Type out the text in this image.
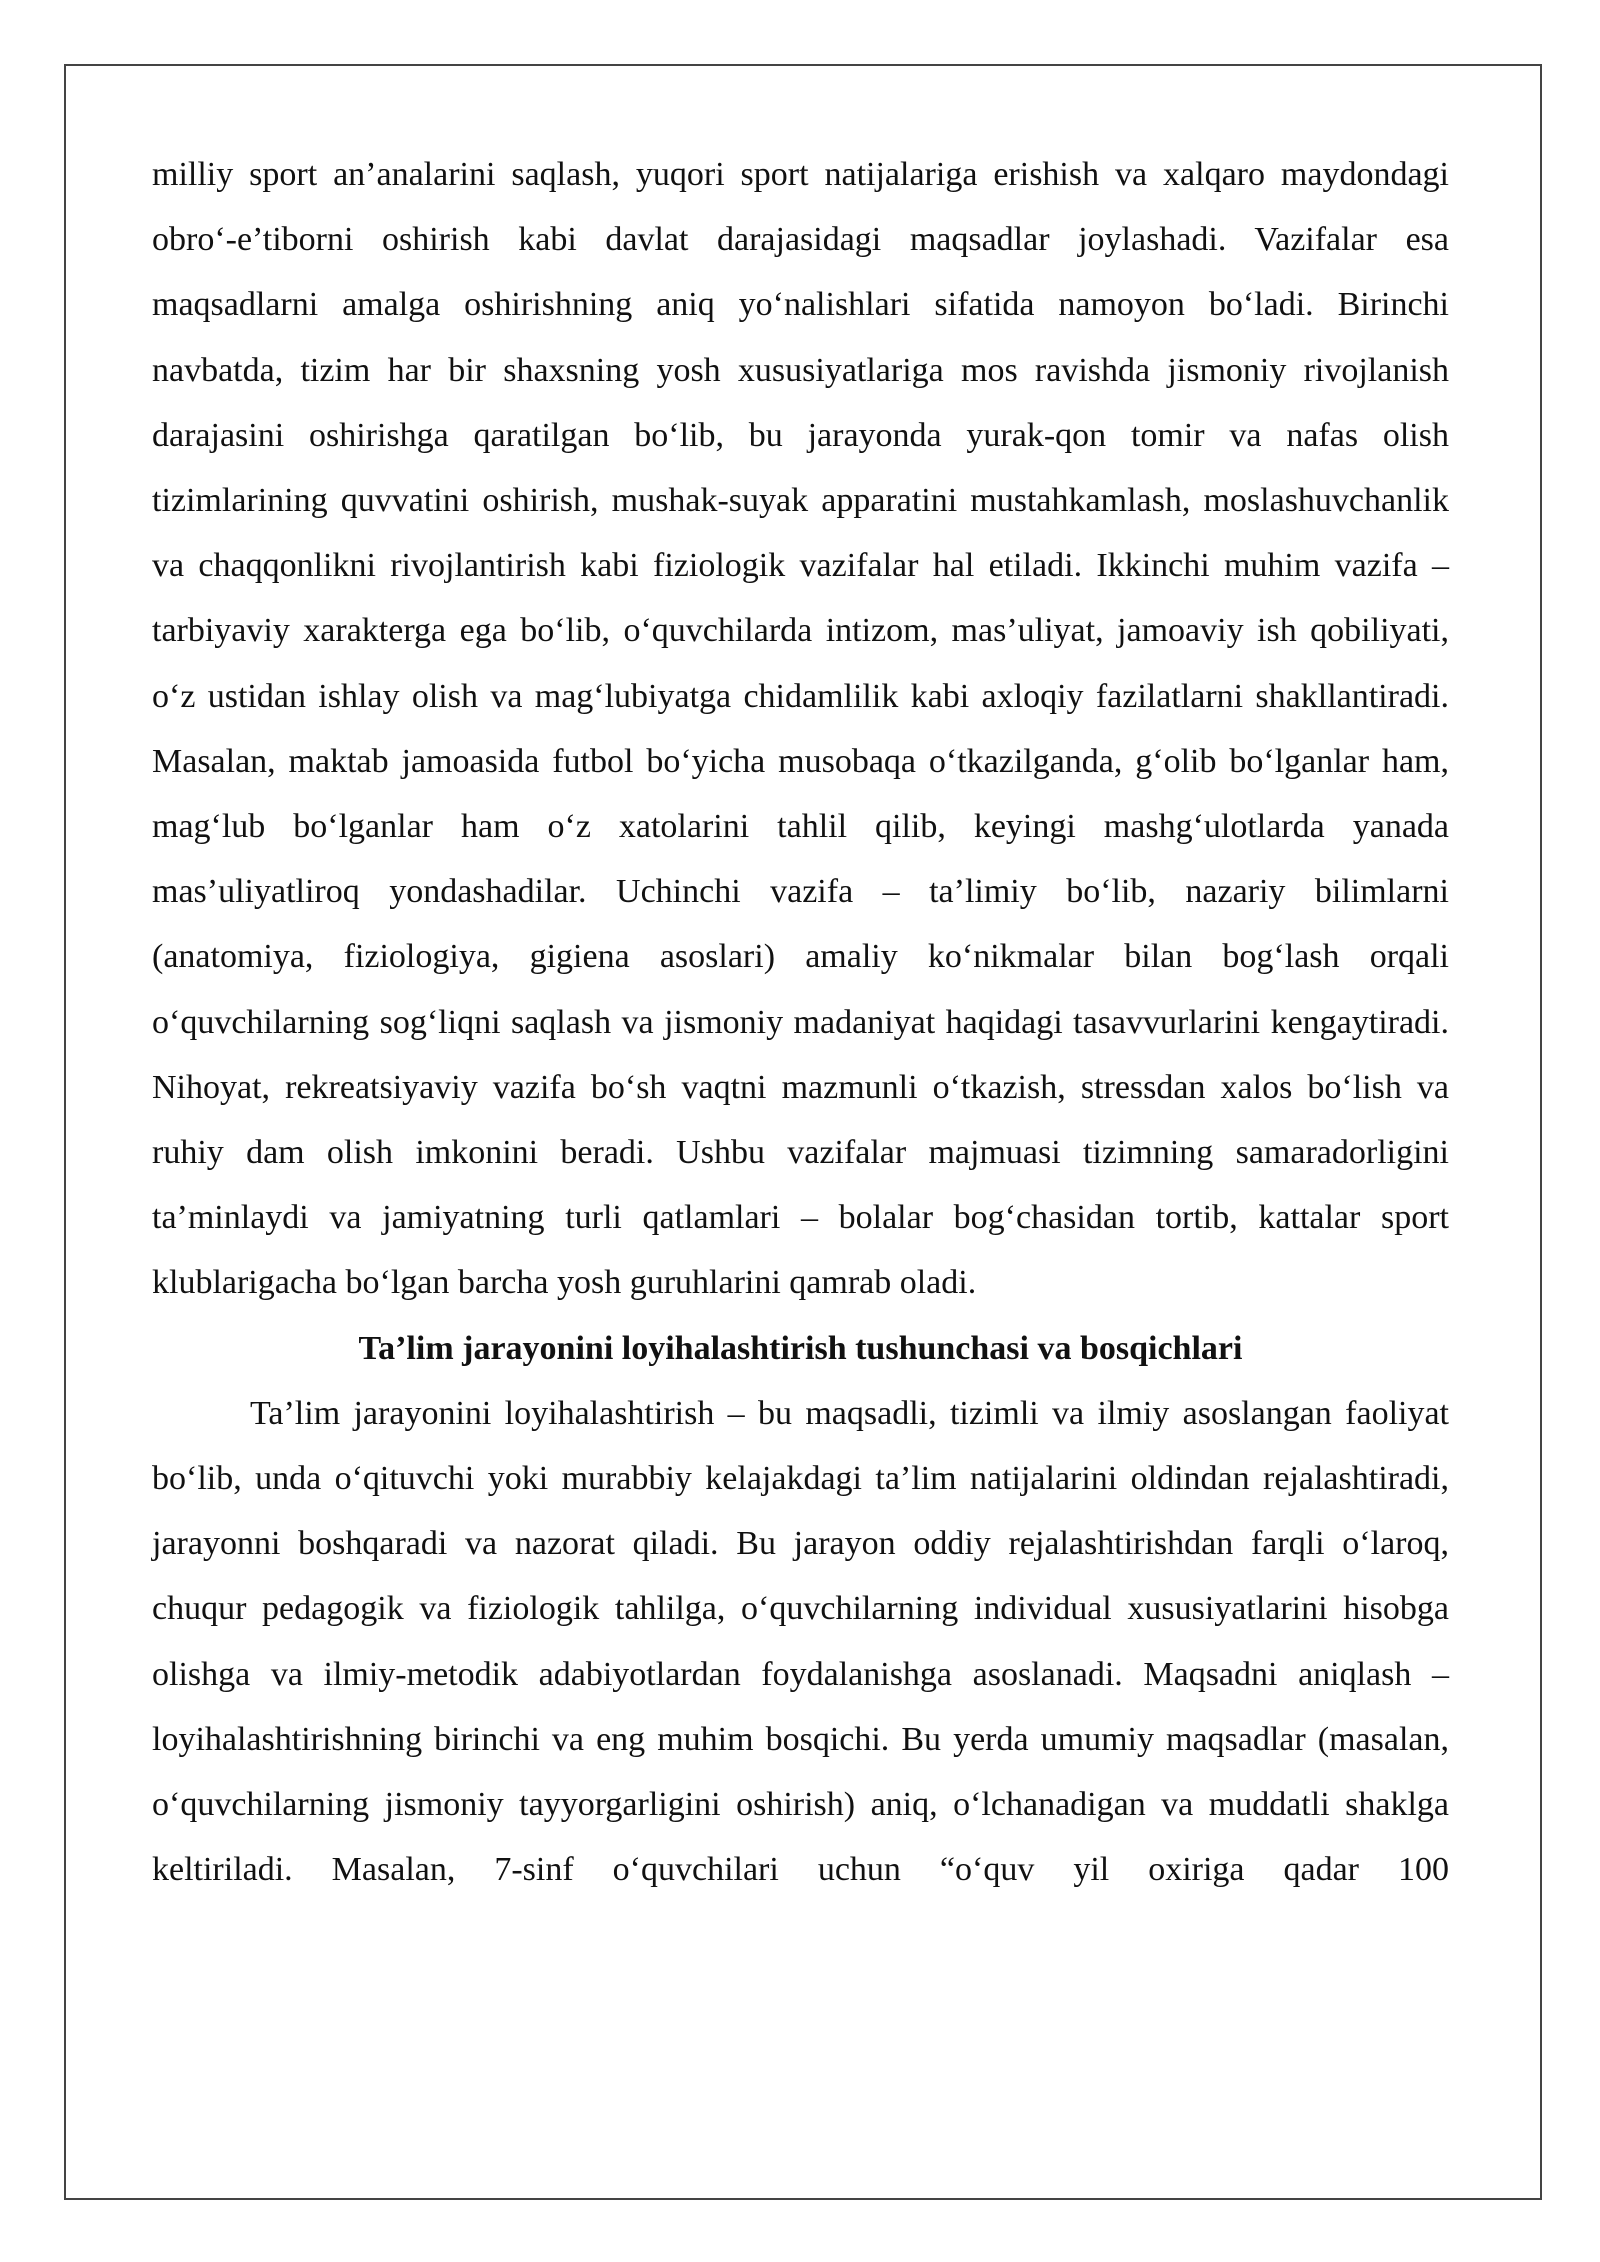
milliy sport an’analarini saqlash, yuqori sport natijalariga erishish va xalqaro maydondagi obro‘-e’tiborni oshirish kabi davlat darajasidagi maqsadlar joylashadi. Vazifalar esa maqsadlarni amalga oshirishning aniq yo‘nalishlari sifatida namoyon bo‘ladi. Birinchi navbatda, tizim har bir shaxsning yosh xususiyatlariga mos ravishda jismoniy rivojlanish darajasini oshirishga qaratilgan bo‘lib, bu jarayonda yurak-qon tomir va nafas olish tizimlarining quvvatini oshirish, mushak-suyak apparatini mustahkamlash, moslashuvchanlik va chaqqonlikni rivojlantirish kabi fiziologik vazifalar hal etiladi. Ikkinchi muhim vazifa – tarbiyaviy xarakterga ega bo‘lib, o‘quvchilarda intizom, mas’uliyat, jamoaviy ish qobiliyati, o‘z ustidan ishlay olish va mag‘lubiyatga chidamlilik kabi axloqiy fazilatlarni shakllantiradi. Masalan, maktab jamoasida futbol bo‘yicha musobaqa o‘tkazilganda, g‘olib bo‘lganlar ham, mag‘lub bo‘lganlar ham o‘z xatolarini tahlil qilib, keyingi mashg‘ulotlarda yanada mas’uliyatliroq yondashadilar. Uchinchi vazifa – ta’limiy bo‘lib, nazariy bilimlarni (anatomiya, fiziologiya, gigiena asoslari) amaliy ko‘nikmalar bilan bog‘lash orqali o‘quvchilarning sog‘liqni saqlash va jismoniy madaniyat haqidagi tasavvurlarini kengaytiradi. Nihoyat, rekreatsiyaviy vazifa bo‘sh vaqtni mazmunli o‘tkazish, stressdan xalos bo‘lish va ruhiy dam olish imkonini beradi. Ushbu vazifalar majmuasi tizimning samaradorligini ta’minlaydi va jamiyatning turli qatlamlari – bolalar bog‘chasidan tortib, kattalar sport klublarigacha bo‘lgan barcha yosh guruhlarini qamrab oladi.

Ta’lim jarayonini loyihalashtirish tushunchasi va bosqichlari

Ta’lim jarayonini loyihalashtirish – bu maqsadli, tizimli va ilmiy asoslangan faoliyat bo‘lib, unda o‘qituvchi yoki murabbiy kelajakdagi ta’lim natijalarini oldindan rejalashtiradi, jarayonni boshqaradi va nazorat qiladi. Bu jarayon oddiy rejalashtirishdan farqli o‘laroq, chuqur pedagogik va fiziologik tahlilga, o‘quvchilarning individual xususiyatlarini hisobga olishga va ilmiy-metodik adabiyotlardan foydalanishga asoslanadi. Maqsadni aniqlash – loyihalashtirishning birinchi va eng muhim bosqichi. Bu yerda umumiy maqsadlar (masalan, o‘quvchilarning jismoniy tayyorgarligini oshirish) aniq, o‘lchanadigan va muddatli shaklga keltiriladi. Masalan, 7-sinf o‘quvchilari uchun “o‘quv yil oxiriga qadar 100
